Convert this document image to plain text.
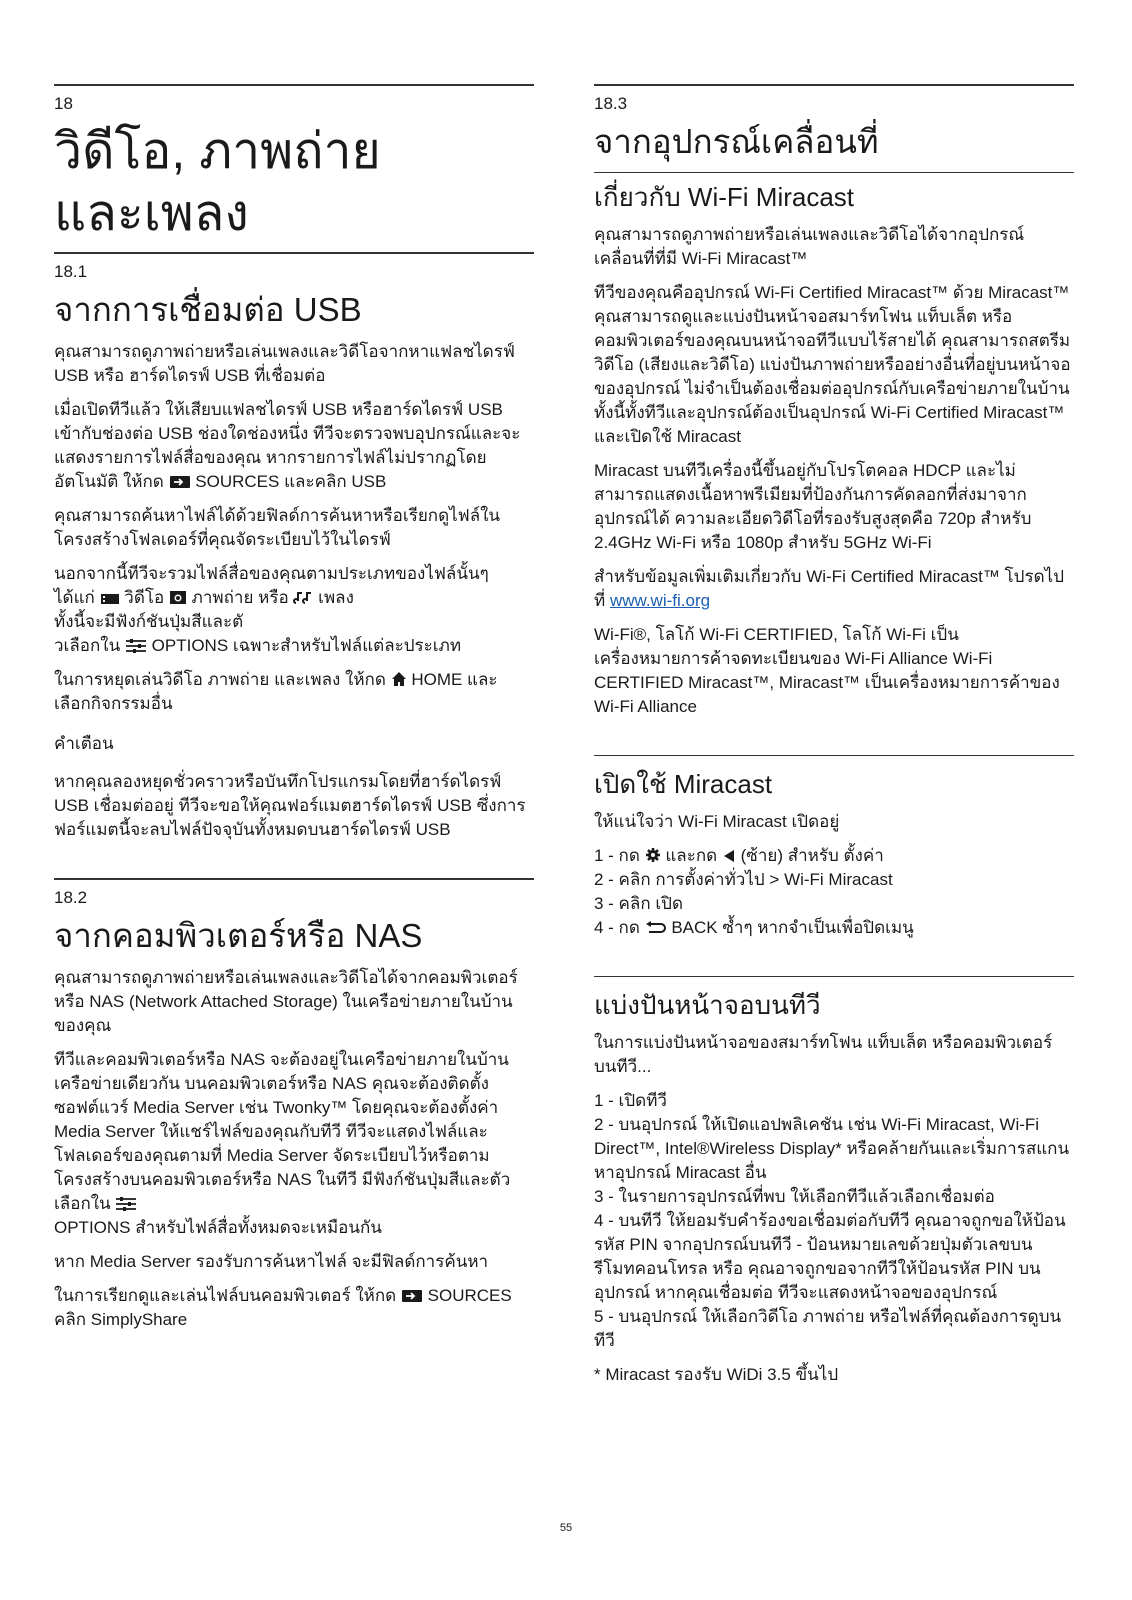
18
วิดีโอ, ภาพถ่าย
และเพลง
18.1
จากการเชื่อมต่อ USB

คุณสามารถดูภาพถ่ายหรือเล่นเพลงและวิดีโอจากหาแฟลชไดรฟ์ USB หรือ ฮาร์ดไดรฟ์ USB ที่เชื่อมต่อ

เมื่อเปิดทีวีแล้ว ให้เสียบแฟลชไดรฟ์ USB หรือฮาร์ดไดรฟ์ USB เข้ากับช่องต่อ USB ช่องใดช่องหนึ่ง ทีวีจะตรวจพบอุปกรณ์และจะแสดงรายการไฟล์สื่อของคุณ หากรายการไฟล์ไม่ปรากฏโดยอัตโนมัติ ให้กด  SOURCES และคลิก USB

คุณสามารถค้นหาไฟล์ได้ด้วยฟิลด์การค้นหาหรือเรียกดูไฟล์ในโครงสร้างโฟลเดอร์ที่คุณจัดระเบียบไว้ในไดรฟ์

นอกจากนี้ทีวีจะรวมไฟล์สื่อของคุณตามประเภทของไฟล์นั้นๆ ได้แก่  วิดีโอ  ภาพถ่าย หรือ  เพลง
ทั้งนี้จะมีฟังก์ชันปุ่มสีและตั
วเลือกใน  OPTIONS เฉพาะสำหรับไฟล์แต่ละประเภท

ในการหยุดเล่นวิดีโอ ภาพถ่าย และเพลง ให้กด  HOME และเลือกกิจกรรมอื่น

คำเตือน

หากคุณลองหยุดชั่วคราวหรือบันทึกโปรแกรมโดยที่ฮาร์ดไดรฟ์ USB เชื่อมต่ออยู่ ทีวีจะขอให้คุณฟอร์แมตฮาร์ดไดรฟ์ USB ซึ่งการฟอร์แมตนี้จะลบไฟล์ปัจจุบันทั้งหมดบนฮาร์ดไดรฟ์ USB

18.2
จากคอมพิวเตอร์หรือ NAS

คุณสามารถดูภาพถ่ายหรือเล่นเพลงและวิดีโอได้จากคอมพิวเตอร์หรือ NAS (Network Attached Storage) ในเครือข่ายภายในบ้านของคุณ

ทีวีและคอมพิวเตอร์หรือ NAS จะต้องอยู่ในเครือข่ายภายในบ้านเครือข่ายเดียวกัน บนคอมพิวเตอร์หรือ NAS คุณจะต้องติดตั้งซอฟต์แวร์ Media Server เช่น Twonky™ โดยคุณจะต้องตั้งค่า Media Server ให้แชร์ไฟล์ของคุณกับทีวี ทีวีจะแสดงไฟล์และโฟลเดอร์ของคุณตามที่ Media Server จัดระเบียบไว้หรือตามโครงสร้างบนคอมพิวเตอร์หรือ NAS ในทีวี มีฟังก์ชันปุ่มสีและตัวเลือกใน
OPTIONS สำหรับไฟล์สื่อทั้งหมดจะเหมือนกัน

หาก Media Server รองรับการค้นหาไฟล์ จะมีฟิลด์การค้นหา

ในการเรียกดูและเล่นไฟล์บนคอมพิวเตอร์ ให้กด  SOURCES คลิก SimplyShare

18.3
จากอุปกรณ์เคลื่อนที่
เกี่ยวกับ Wi-Fi Miracast

คุณสามารถดูภาพถ่ายหรือเล่นเพลงและวิดีโอได้จากอุปกรณ์เคลื่อนที่ที่มี Wi-Fi Miracast™

ทีวีของคุณคืออุปกรณ์ Wi-Fi Certified Miracast™ ด้วย Miracast™ คุณสามารถดูและแบ่งปันหน้าจอสมาร์ทโฟน แท็บเล็ต หรือคอมพิวเตอร์ของคุณบนหน้าจอทีวีแบบไร้สายได้ คุณสามารถสตรีมวิดีโอ (เสียงและวิดีโอ) แบ่งปันภาพถ่ายหรืออย่างอื่นที่อยู่บนหน้าจอของอุปกรณ์ ไม่จำเป็นต้องเชื่อมต่ออุปกรณ์กับเครือข่ายภายในบ้าน ทั้งนี้ทั้งทีวีและอุปกรณ์ต้องเป็นอุปกรณ์ Wi-Fi Certified Miracast™ และเปิดใช้ Miracast

Miracast บนทีวีเครื่องนี้ขึ้นอยู่กับโปรโตคอล HDCP และไม่สามารถแสดงเนื้อหาพรีเมียมที่ป้องกันการคัดลอกที่ส่งมาจากอุปกรณ์ได้ ความละเอียดวิดีโอที่รองรับสูงสุดคือ 720p สำหรับ 2.4GHz Wi-Fi หรือ 1080p สำหรับ 5GHz Wi-Fi

สำหรับข้อมูลเพิ่มเติมเกี่ยวกับ Wi-Fi Certified Miracast™ โปรดไปที่ www.wi-fi.org

Wi-Fi®, โลโก้ Wi-Fi CERTIFIED, โลโก้ Wi-Fi เป็นเครื่องหมายการค้าจดทะเบียนของ Wi-Fi Alliance Wi-Fi CERTIFIED Miracast™, Miracast™ เป็นเครื่องหมายการค้าของ Wi-Fi Alliance

เปิดใช้ Miracast

ให้แน่ใจว่า Wi-Fi Miracast เปิดอยู่

1 - กด  และกด  (ซ้าย) สำหรับ ตั้งค่า
2 - คลิก การตั้งค่าทั่วไป > Wi-Fi Miracast
3 - คลิก เปิด
4 - กด  BACK ซ้ำๆ หากจำเป็นเพื่อปิดเมนู

แบ่งปันหน้าจอบนทีวี

ในการแบ่งปันหน้าจอของสมาร์ทโฟน แท็บเล็ต หรือคอมพิวเตอร์บนทีวี...

1 - เปิดทีวี
2 - บนอุปกรณ์ ให้เปิดแอปพลิเคชัน เช่น Wi-Fi Miracast, Wi-Fi Direct™, Intel®Wireless Display* หรือคล้ายกันและเริ่มการสแกนหาอุปกรณ์ Miracast อื่น
3 - ในรายการอุปกรณ์ที่พบ ให้เลือกทีวีแล้วเลือกเชื่อมต่อ
4 - บนทีวี ให้ยอมรับคำร้องขอเชื่อมต่อกับทีวี คุณอาจถูกขอให้ป้อนรหัส PIN จากอุปกรณ์บนทีวี - ป้อนหมายเลขด้วยปุ่มตัวเลขบนรีโมทคอนโทรล หรือ คุณอาจถูกขอจากทีวีให้ป้อนรหัส PIN บนอุปกรณ์ หากคุณเชื่อมต่อ ทีวีจะแสดงหน้าจอของอุปกรณ์
5 - บนอุปกรณ์ ให้เลือกวิดีโอ ภาพถ่าย หรือไฟล์ที่คุณต้องการดูบนทีวี

* Miracast รองรับ WiDi 3.5 ขึ้นไป

55
